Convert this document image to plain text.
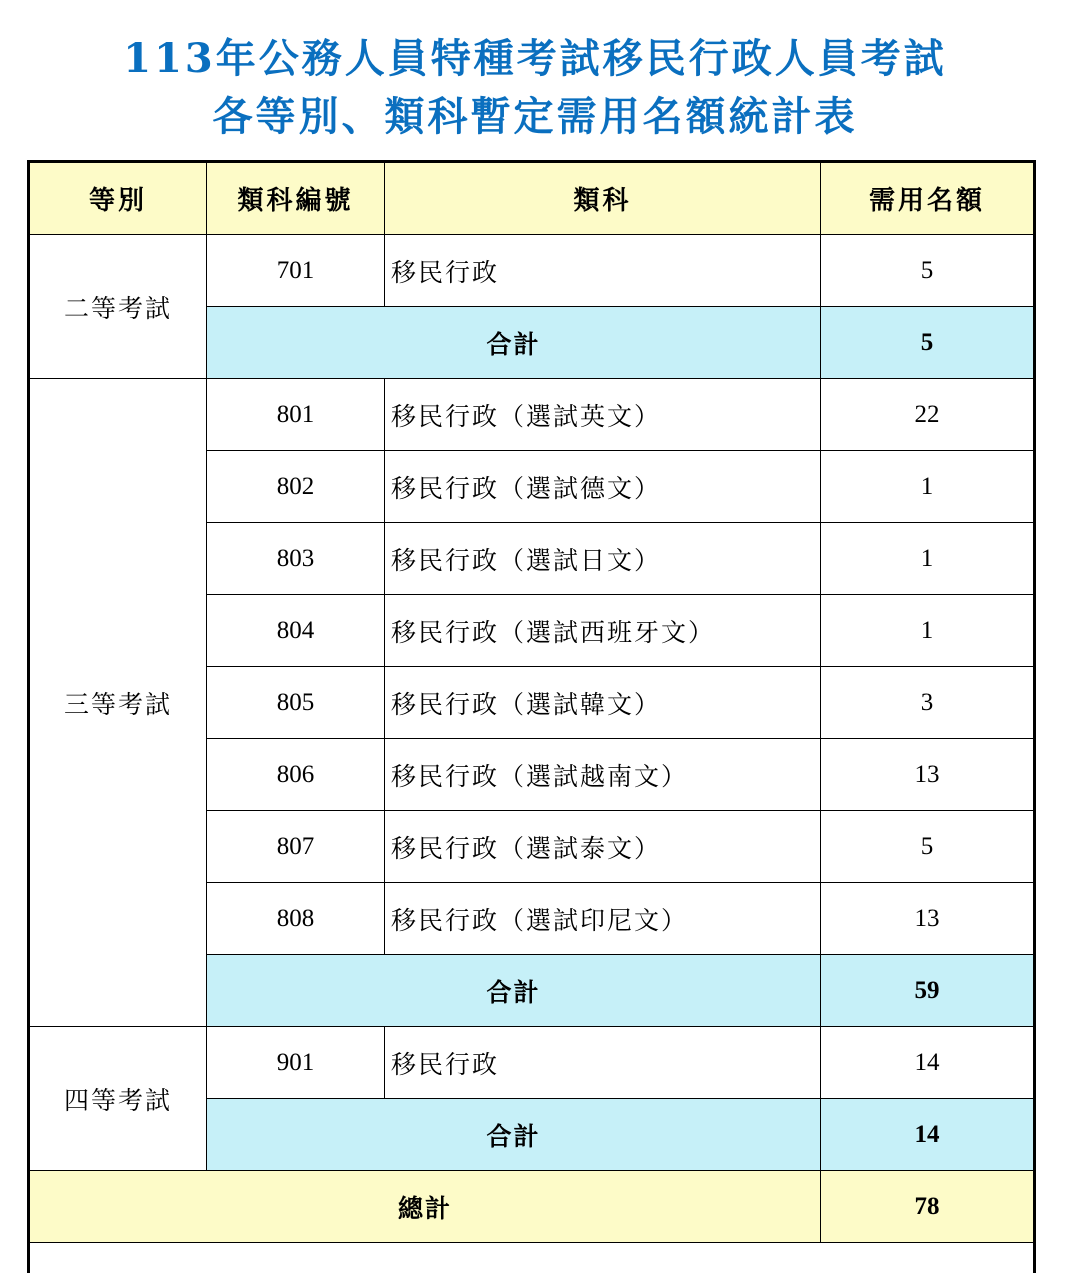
113年公務人員特種考試移民行政人員考試
各等別、類科暫定需用名額統計表
等別	類科編號	類科	需用名額
二等考試	701	移民行政	5
	合計		5
三等考試	801	移民行政（選試英文）	22
	802	移民行政（選試德文）	1
	803	移民行政（選試日文）	1
	804	移民行政（選試西班牙文）	1
	805	移民行政（選試韓文）	3
	806	移民行政（選試越南文）	13
	807	移民行政（選試泰文）	5
	808	移民行政（選試印尼文）	13
	合計		59
四等考試	901	移民行政	14
	合計		14
總計			78
